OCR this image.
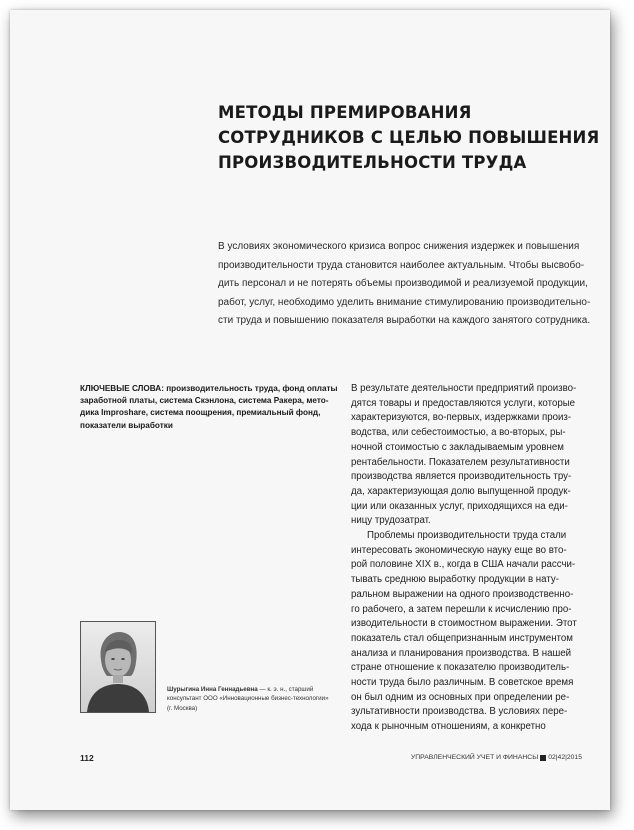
МЕТОДЫ ПРЕМИРОВАНИЯ
СОТРУДНИКОВ С ЦЕЛЬЮ ПОВЫШЕНИЯ
ПРОИЗВОДИТЕЛЬНОСТИ ТРУДА
В условиях экономического кризиса вопрос снижения издержек и повышения
производительности труда становится наиболее актуальным. Чтобы высвобо-
дить персонал и не потерять объемы производимой и реализуемой продукции,
работ, услуг, необходимо уделить внимание стимулированию производительно-
сти труда и повышению показателя выработки на каждого занятого сотрудника.
КЛЮЧЕВЫЕ СЛОВА: производительность труда, фонд оплаты
заработной платы, система Скэнлона, система Ракера, мето-
дика Improshare, система поощрения, премиальный фонд,
показатели выработки
Шурыгина Инна Геннадьевна — к. э. н., старший
консультант ООО «Инновационные бизнес-технологии»
(г. Москва)
В результате деятельности предприятий произво-
дятся товары и предоставляются услуги, которые
характеризуются, во-первых, издержками произ-
водства, или себестоимостью, а во-вторых, ры-
ночной стоимостью с закладываемым уровнем
рентабельности. Показателем результативности
производства является производительность тру-
да, характеризующая долю выпущенной продук-
ции или оказанных услуг, приходящихся на еди-
ницу трудозатрат.
Проблемы производительности труда стали
интересовать экономическую науку еще во вто-
рой половине XIX в., когда в США начали рассчи-
тывать среднюю выработку продукции в нату-
ральном выражении на одного производственно-
го рабочего, а затем перешли к исчислению про-
изводительности в стоимостном выражении. Этот
показатель стал общепризнанным инструментом
анализа и планирования производства. В нашей
стране отношение к показателю производитель-
ности труда было различным. В советское время
он был одним из основных при определении ре-
зультативности производства. В условиях пере-
хода к рыночным отношениям, а конкретно
112	УПРАВЛЕНЧЕСКИЙ УЧЕТ И ФИНАНСЫ 02|42|2015
